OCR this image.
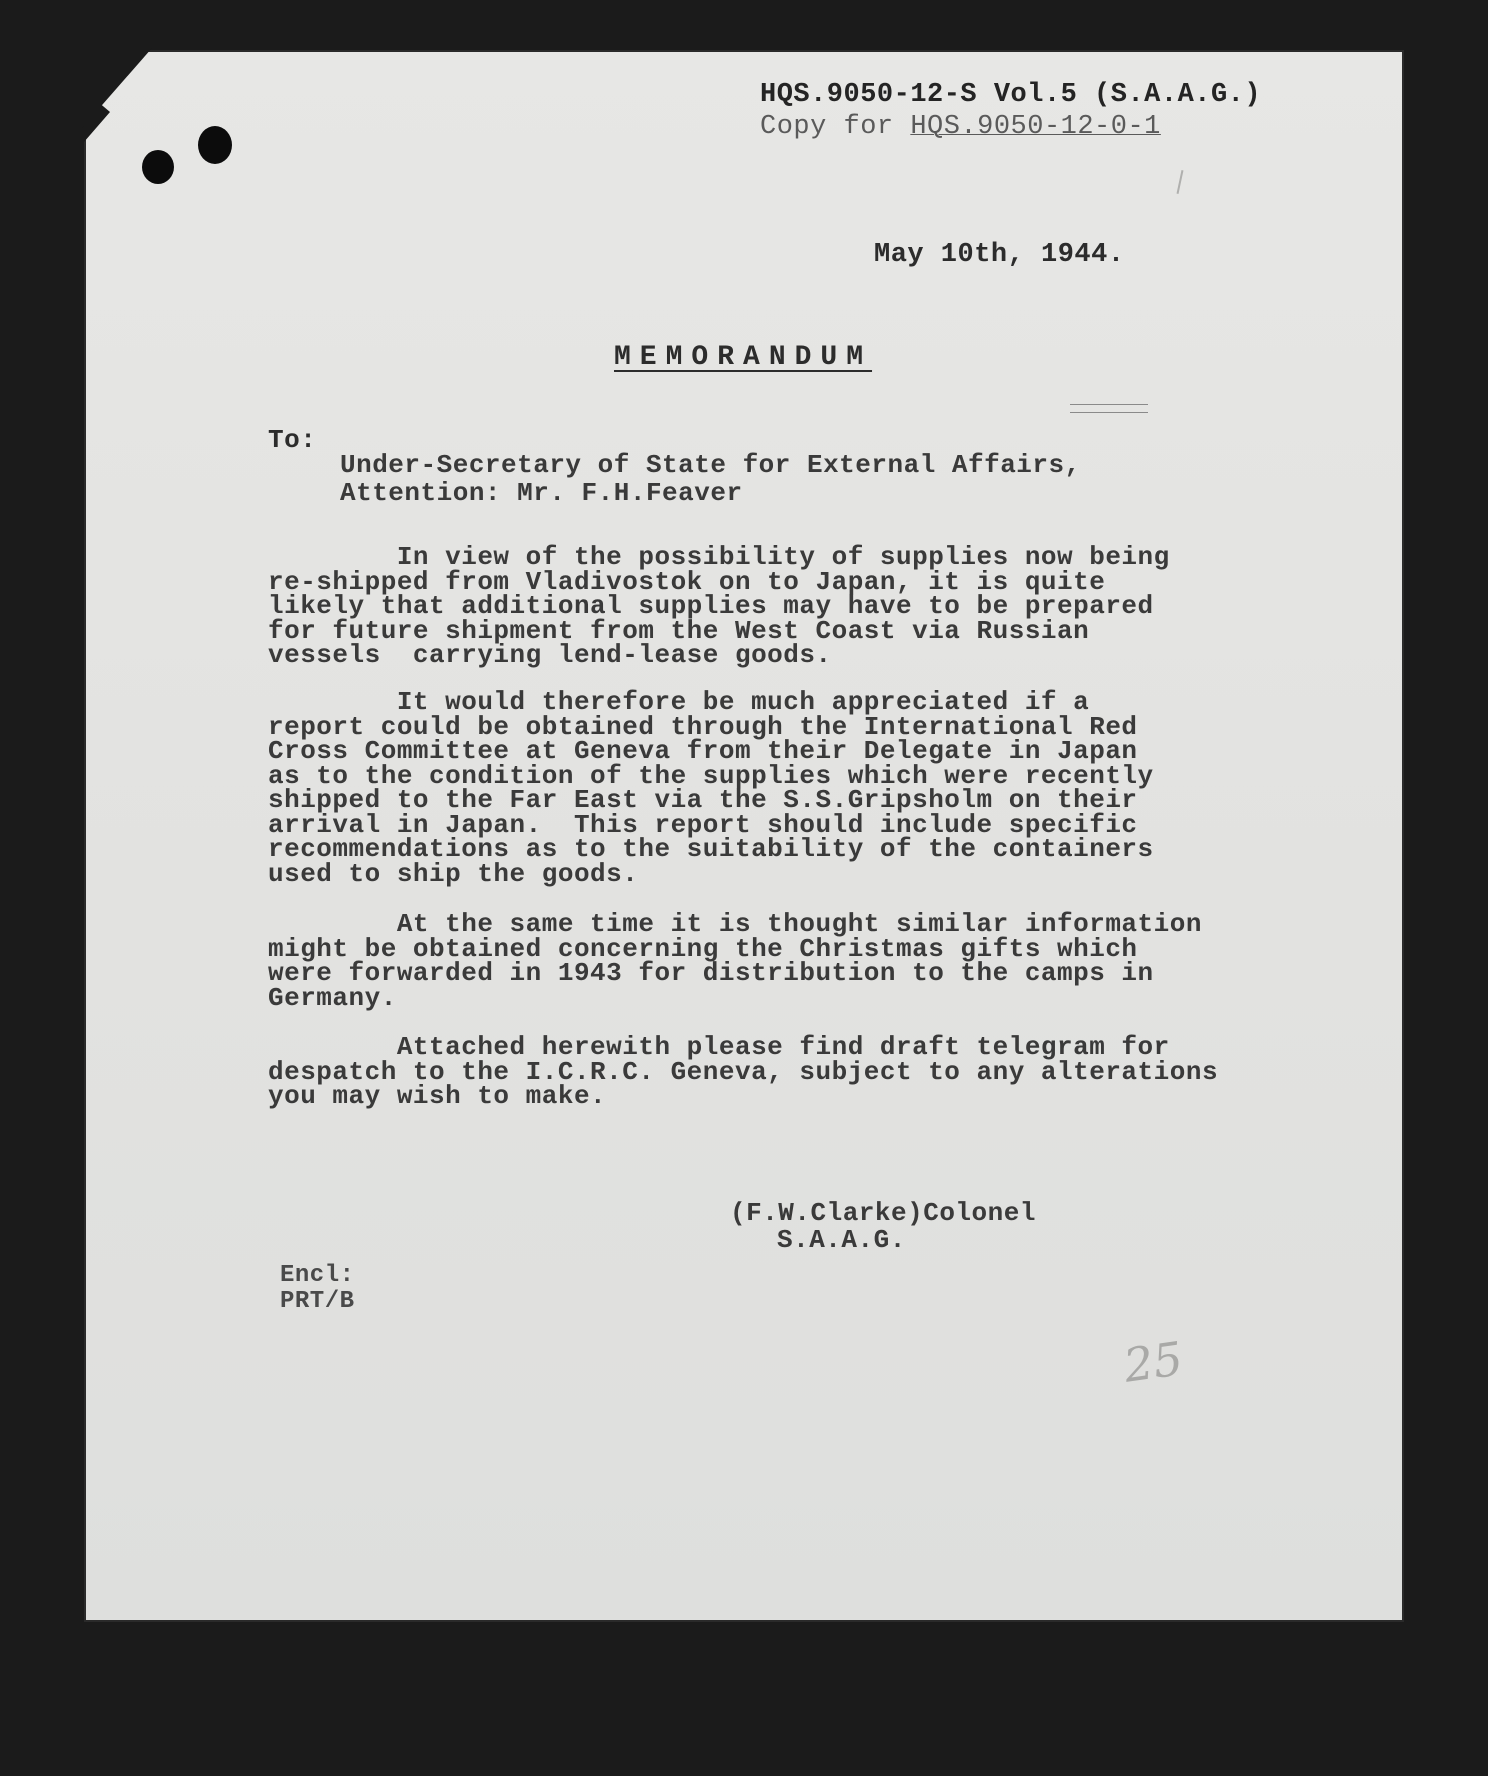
HQS.9050-12-S Vol.5 (S.A.A.G.)
Copy for HQS.9050-12-0-1
May 10th, 1944.
MEMORANDUM
To:
Under-Secretary of State for External Affairs,
Attention: Mr. F.H.Feaver
In view of the possibility of supplies now being
re-shipped from Vladivostok on to Japan, it is quite
likely that additional supplies may have to be prepared
for future shipment from the West Coast via Russian
vessels  carrying lend-lease goods.
It would therefore be much appreciated if a
report could be obtained through the International Red
Cross Committee at Geneva from their Delegate in Japan
as to the condition of the supplies which were recently
shipped to the Far East via the S.S.Gripsholm on their
arrival in Japan.  This report should include specific
recommendations as to the suitability of the containers
used to ship the goods.
At the same time it is thought similar information
might be obtained concerning the Christmas gifts which
were forwarded in 1943 for distribution to the camps in
Germany.
Attached herewith please find draft telegram for
despatch to the I.C.R.C. Geneva, subject to any alterations
you may wish to make.
(F.W.Clarke)Colonel
S.A.A.G.
Encl:
PRT/B
25
